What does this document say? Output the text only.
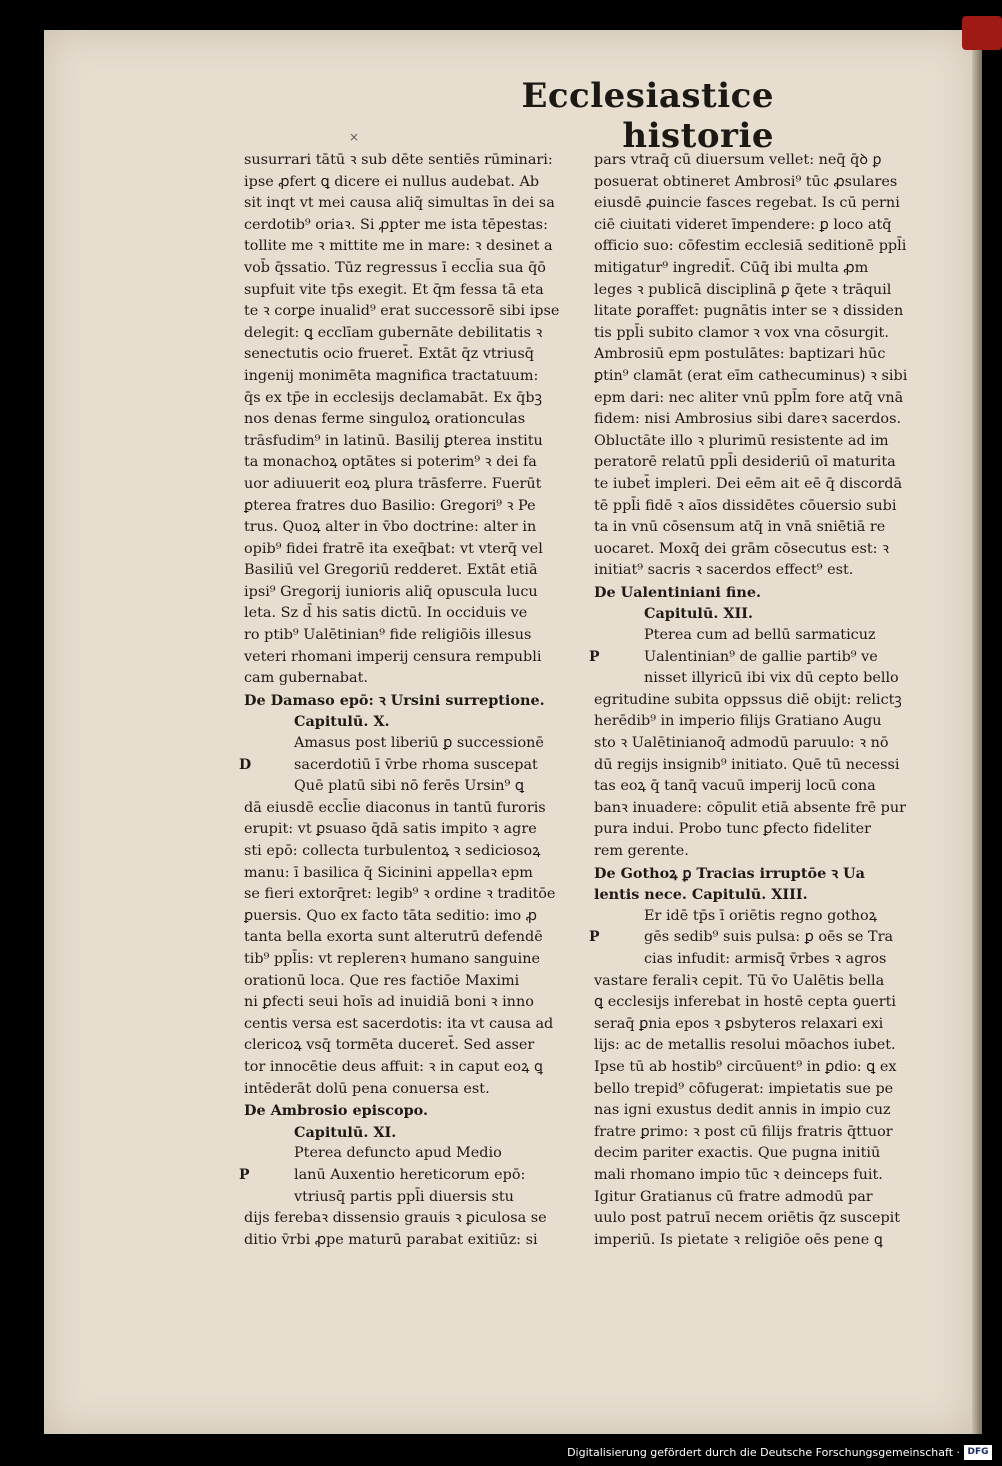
×
Ecclesiastice historie
susurrari tātū ꝛ sub dēte sentiēs rūminari:
ipse ꝓfert ꝗ dicere ei nullus audebat. Ab
sit inqt vt mei causa aliq̄ simultas īn dei sa
cerdotib⁹ oriaꝛ. Si ꝓpter me ista tēpestas:
tollite me ꝛ mittite me in mare: ꝛ desinet a
vob̄ q̄ssatio. Tūz regressus ī eccl̄ia sua q̄ō
supfuit vite tp̄s exegit. Et q̄m fessa tā eta
te ꝛ corꝑe inualid⁹ erat successorē sibi ipse
delegit: ꝗ ecclīam gubernāte debilitatis ꝛ
senectutis ocio frueret̄. Extāt q̄z vtriusq̄
ingenij monimēta magnifica tractatuum:
q̄s ex tp̄e in ecclesijs declamabāt. Ex q̄bꝫ
nos denas ferme singuloꝝ orationculas
trāsfudim⁹ in latinū. Basilij ꝑterea institu
ta monachoꝝ optātes si poterim⁹ ꝛ dei fa
uor adiuuerit eoꝝ plura trāsferre. Fuerūt
ꝑterea fratres duo Basilio: Gregori⁹ ꝛ Pe
trus. Quoꝝ alter in v̄bo doctrine: alter in
opib⁹ fidei fratrē ita exeq̄bat: vt vterq̄ vel
Basiliū vel Gregoriū redderet. Extāt etiā
ipsi⁹ Gregorij iunioris aliq̄ opuscula lucu
leta. Sz d̄ his satis dictū. In occiduis ve
ro ptib⁹ Ualētinian⁹ fide religiōis illesus
veteri rhomani imperij censura rempubli
cam gubernabat.
De Damaso epō: ꝛ Ursini surreptione.
Capitulū. X.
Amasus post liberiū ꝑ successionē
D	sacerdotiū ī v̄rbe rhoma suscepat
Quē platū sibi nō ferēs Ursin⁹ ꝗ
dā eiusdē eccl̄ie diaconus in tantū furoris
erupit: vt ꝑsuaso q̄dā satis impito ꝛ agre
sti epō: collecta turbulentoꝝ ꝛ sediciosoꝝ
manu: ī basilica q̄ Sicinini appellaꝛ epm
se fieri extorq̄ret: legib⁹ ꝛ ordine ꝛ traditōe
ꝑuersis. Quo ex facto tāta seditio: imo ꝓ
tanta bella exorta sunt alterutrū defendē
tib⁹ ppl̄is: vt replerenꝛ humano sanguine
orationū loca. Que res factiōe Maximi
ni ꝑfecti seui hoīs ad inuidiā boni ꝛ inno
centis versa est sacerdotis: ita vt causa ad
clericoꝝ vsq̄ tormēta duceret̄. Sed asser
tor innocētie deus affuit: ꝛ in caput eoꝝ ꝗ
intēderāt dolū pena conuersa est.
De Ambrosio episcopo.
Capitulū. XI.
Pterea defuncto apud Medio
P	lanū Auxentio hereticorum epō:
vtriusq̄ partis ppl̄i diuersis stu
dijs ferebaꝛ dissensio grauis ꝛ ꝑiculosa se
ditio v̄rbi ꝓpe maturū parabat exitiūz: si
pars vtraq̄ cū diuersum vellet: neq̄ q̄ꝺ ꝑ
posuerat obtineret Ambrosi⁹ tūc ꝓsulares
eiusdē ꝓuincie fasces regebat. Is cū perni
ciē ciuitati videret īmpendere: ꝑ loco atq̄
officio suo: cōfestim ecclesiā seditionē ppl̄i
mitigatur⁹ ingredit̄. Cūq̄ ibi multa ꝓm
leges ꝛ publicā disciplinā ꝑ q̄ete ꝛ trāquil
litate ꝑoraffet: pugnātis inter se ꝛ dissiden
tis ppl̄i subito clamor ꝛ vox vna cōsurgit.
Ambrosiū epm postulātes: baptizari hūc
ꝑtin⁹ clamāt (erat eīm cathecuminus) ꝛ sibi
epm dari: nec aliter vnū ppl̄m fore atq̄ vnā
fidem: nisi Ambrosius sibi dareꝛ sacerdos.
Obluctāte illo ꝛ plurimū resistente ad im
peratorē relatū ppl̄i desideriū oī maturita
te iubet̄ impleri. Dei eēm ait eē q̄ discordā
tē ppl̄i fidē ꝛ aīos dissidētes cōuersio subi
ta in vnū cōsensum atq̄ in vnā sniētiā re
uocaret. Moxq̄ dei grām cōsecutus est: ꝛ
initiat⁹ sacris ꝛ sacerdos effect⁹ est.
De Ualentiniani fine.
Capitulū. XII.
Pterea cum ad bellū sarmaticuz
P	Ualentinian⁹ de gallie partib⁹ ve
nisset illyricū ibi vix dū cepto bello
egritudine subita oppssus diē obijt: relictꝫ
herēdib⁹ in imperio filijs Gratiano Augu
sto ꝛ Ualētinianoq̄ admodū paruulo: ꝛ nō
dū regijs insignib⁹ initiato. Quē tū necessi
tas eoꝝ q̄ tanq̄ vacuū imperij locū cona
banꝛ inuadere: cōpulit etiā absente frē pur
pura indui. Probo tunc ꝑfecto fideliter
rem gerente.
De Gothoꝝ ꝑ Tracias irruptōe ꝛ Ua
lentis nece. Capitulū. XIII.
Er idē tp̄s ī oriētis regno gothoꝝ
P	gēs sedib⁹ suis pulsa: ꝑ oēs se Tra
cias infudit: armisq̄ v̄rbes ꝛ agros
vastare feraliꝛ cepit. Tū v̄o Ualētis bella
ꝗ ecclesijs inferebat in hostē cepta ꝯuerti
seraq̄ ꝑnia epos ꝛ ꝑsbyteros relaxari exi
lijs: ac de metallis resolui mōachos iubet.
Ipse tū ab hostib⁹ circūuent⁹ in ꝑdio: ꝗ ex
bello trepid⁹ cōfugerat: impietatis sue pe
nas igni exustus dedit annis in impio cuz
fratre ꝑrimo: ꝛ post cū filijs fratris q̄ttuor
decim pariter exactis. Que pugna initiū
mali rhomano impio tūc ꝛ deinceps fuit.
Igitur Gratianus cū fratre admodū par
uulo post patruī necem oriētis q̄z suscepit
imperiū. Is pietate ꝛ religiōe oēs pene ꝗ
Digitalisierung gefördert durch die Deutsche Forschungsgemeinschaft · DFG
